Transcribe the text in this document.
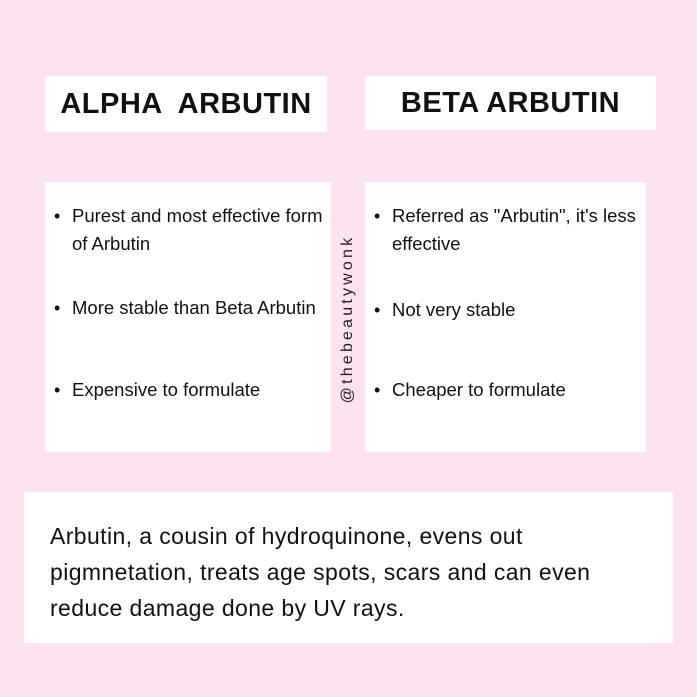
ALPHA  ARBUTIN	BETA ARBUTIN
• Purest and most effective form of Arbutin
• More stable than Beta Arbutin
• Expensive to formulate	@thebeautywonk
• Referred as "Arbutin", it's less effective
• Not very stable
• Cheaper to formulate
Arbutin, a cousin of hydroquinone, evens out pigmnetation, treats age spots, scars and can even reduce damage done by UV rays.
